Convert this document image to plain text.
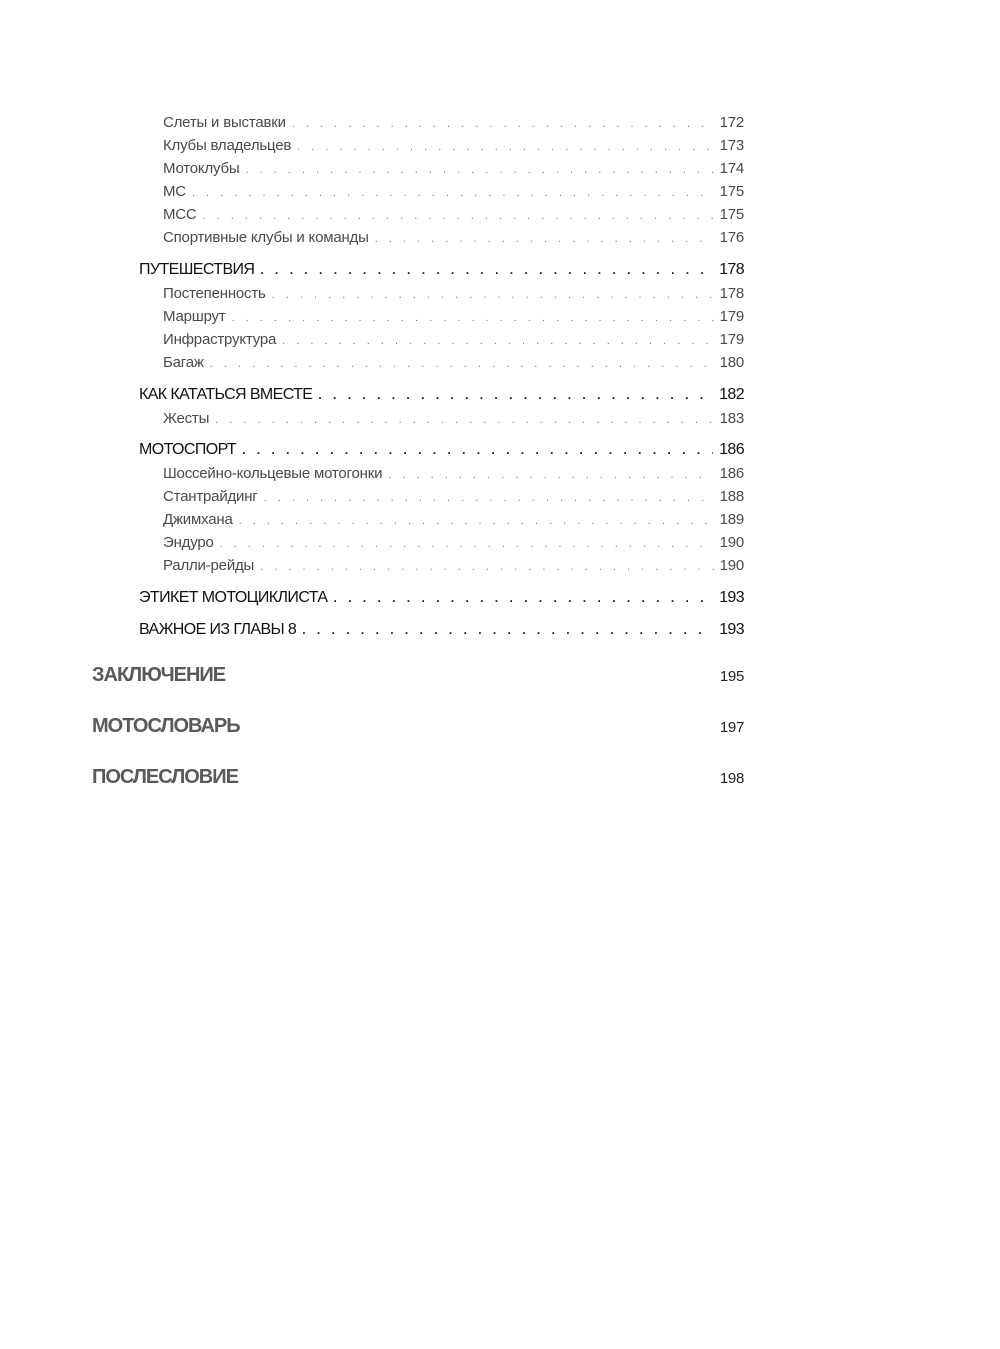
Слеты и выставки . . .	172
Клубы владельцев . . .	173
Мотоклубы . . .	174
МС . . .	175
МСС . . .	175
Спортивные клубы и команды . . .	176
ПУТЕШЕСТВИЯ . . .	178
Постепенность . . .	178
Маршрут . . .	179
Инфраструктура . . .	179
Багаж . . .	180
КАК КАТАТЬСЯ ВМЕСТЕ . . .	182
Жесты . . .	183
МОТОСПОРТ . . .	186
Шоссейно-кольцевые мотогонки . . .	186
Стантрайдинг . . .	188
Джимхана . . .	189
Эндуро . . .	190
Ралли-рейды . . .	190
ЭТИКЕТ МОТОЦИКЛИСТА . . .	193
ВАЖНОЕ ИЗ ГЛАВЫ 8 . . .	193
ЗАКЛЮЧЕНИЕ	195
МОТОСЛОВАРЬ	197
ПОСЛЕСЛОВИЕ	198
